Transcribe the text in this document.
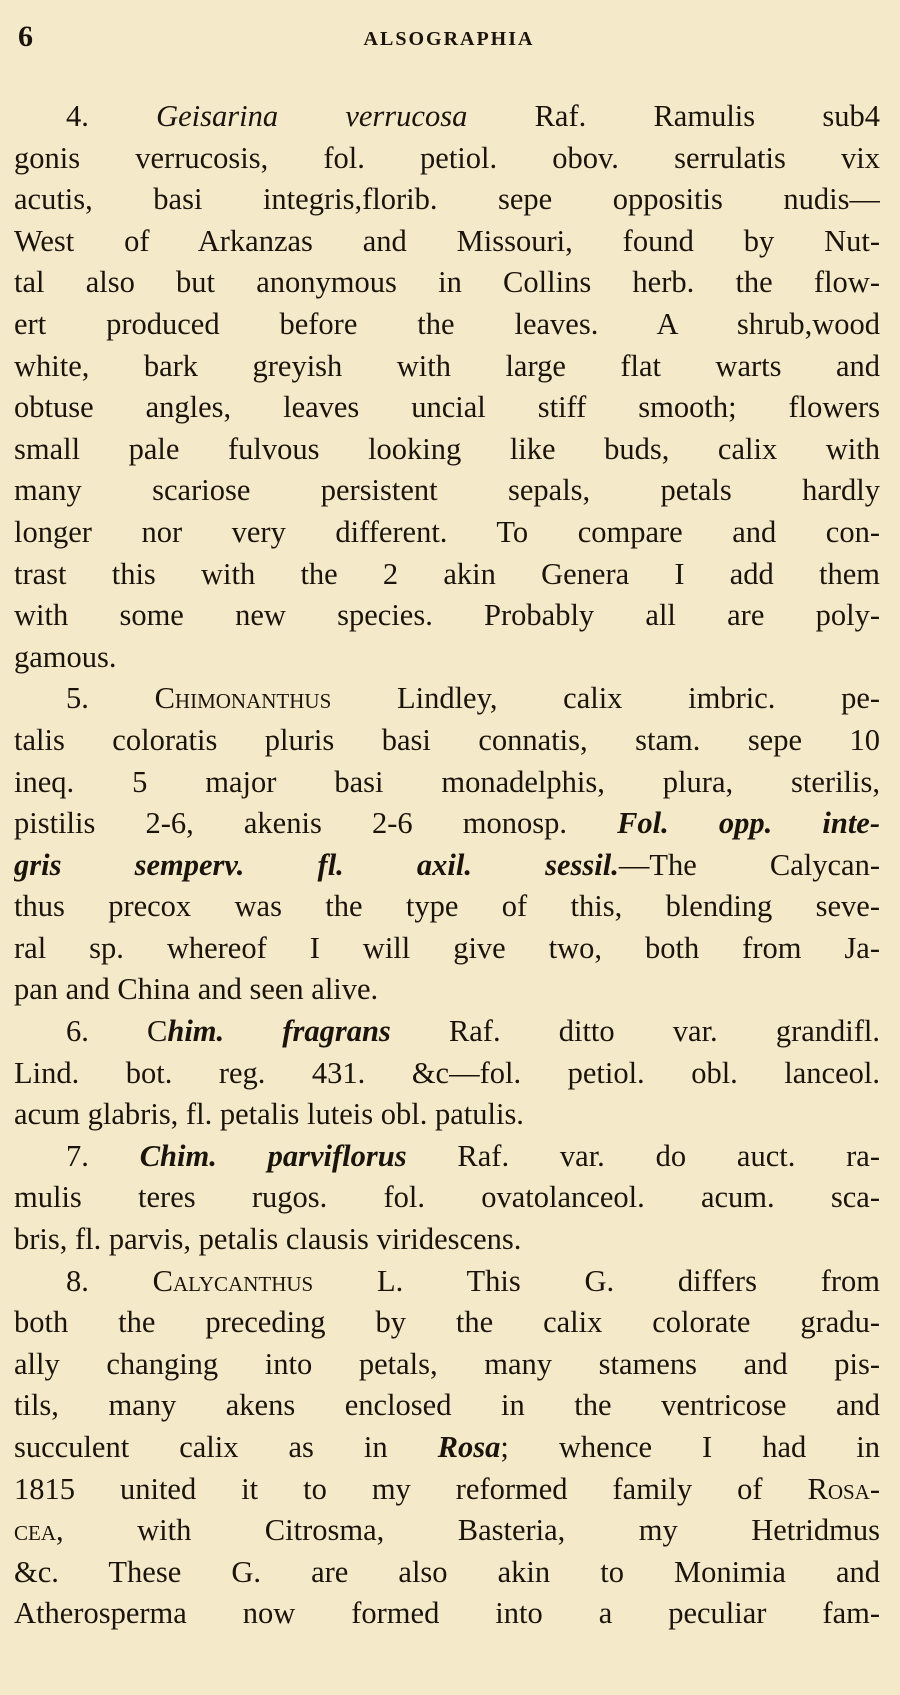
6	ALSOGRAPHIA
4. Geisarina verrucosa Raf. Ramulis sub4
gonis verrucosis, fol. petiol. obov. serrulatis vix
acutis, basi integris,florib. sepe oppositis nudis—
West of Arkanzas and Missouri, found by Nut-
tal also but anonymous in Collins herb. the flow-
ert produced before the leaves. A shrub,wood
white, bark greyish with large flat warts and
obtuse angles, leaves uncial stiff smooth; flowers
small pale fulvous looking like buds, calix with
many scariose persistent sepals, petals hardly
longer nor very different. To compare and con-
trast this with the 2 akin Genera I add them
with some new species. Probably all are poly-
gamous.
5. Chimonanthus Lindley, calix imbric. pe-
talis coloratis pluris basi connatis, stam. sepe 10
ineq. 5 major basi monadelphis, plura, sterilis,
pistilis 2-6, akenis 2-6 monosp. Fol. opp. inte-
gris semperv. fl. axil. sessil.—The Calycan-
thus precox was the type of this, blending seve-
ral sp. whereof I will give two, both from Ja-
pan and China and seen alive.
6. Chim. fragrans Raf. ditto var. grandifl.
Lind. bot. reg. 431. &c—fol. petiol. obl. lanceol.
acum glabris, fl. petalis luteis obl. patulis.
7. Chim. parviflorus Raf. var. do auct. ra-
mulis teres rugos. fol. ovatolanceol. acum. sca-
bris, fl. parvis, petalis clausis viridescens.
8. Calycanthus L. This G. differs from
both the preceding by the calix colorate gradu-
ally changing into petals, many stamens and pis-
tils, many akens enclosed in the ventricose and
succulent calix as in Rosa; whence I had in
1815 united it to my reformed family of Rosa-
cea, with Citrosma, Basteria, my Hetridmus
&c. These G. are also akin to Monimia and
Atherosperma now formed into a peculiar fam-
